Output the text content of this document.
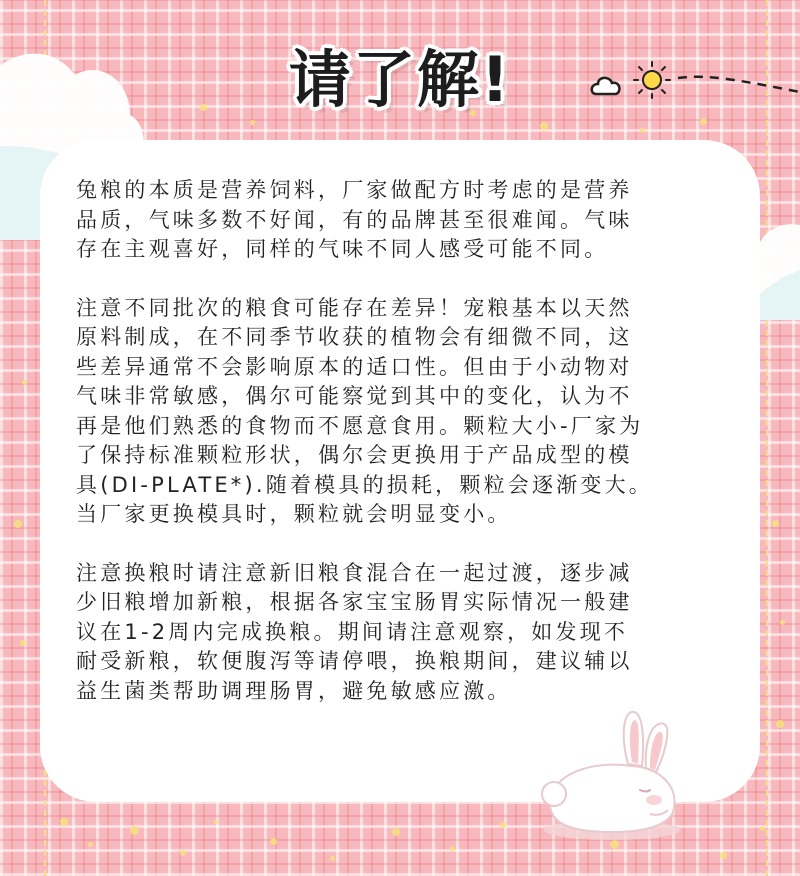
请了解!

兔粮的本质是营养饲料，厂家做配方时考虑的是营养
品质，气味多数不好闻，有的品牌甚至很难闻。气味
存在主观喜好，同样的气味不同人感受可能不同。

注意不同批次的粮食可能存在差异！宠粮基本以天然
原料制成，在不同季节收获的植物会有细微不同，这
些差异通常不会影响原本的适口性。但由于小动物对
气味非常敏感，偶尔可能察觉到其中的变化，认为不
再是他们熟悉的食物而不愿意食用。颗粒大小-厂家为
了保持标准颗粒形状，偶尔会更换用于产品成型的模
具(DI-PLATE*).随着模具的损耗，颗粒会逐渐变大。
当厂家更换模具时，颗粒就会明显变小。

注意换粮时请注意新旧粮食混合在一起过渡，逐步减
少旧粮增加新粮，根据各家宝宝肠胃实际情况一般建
议在1-2周内完成换粮。期间请注意观察，如发现不
耐受新粮，软便腹泻等请停喂，换粮期间，建议辅以
益生菌类帮助调理肠胃，避免敏感应激。
